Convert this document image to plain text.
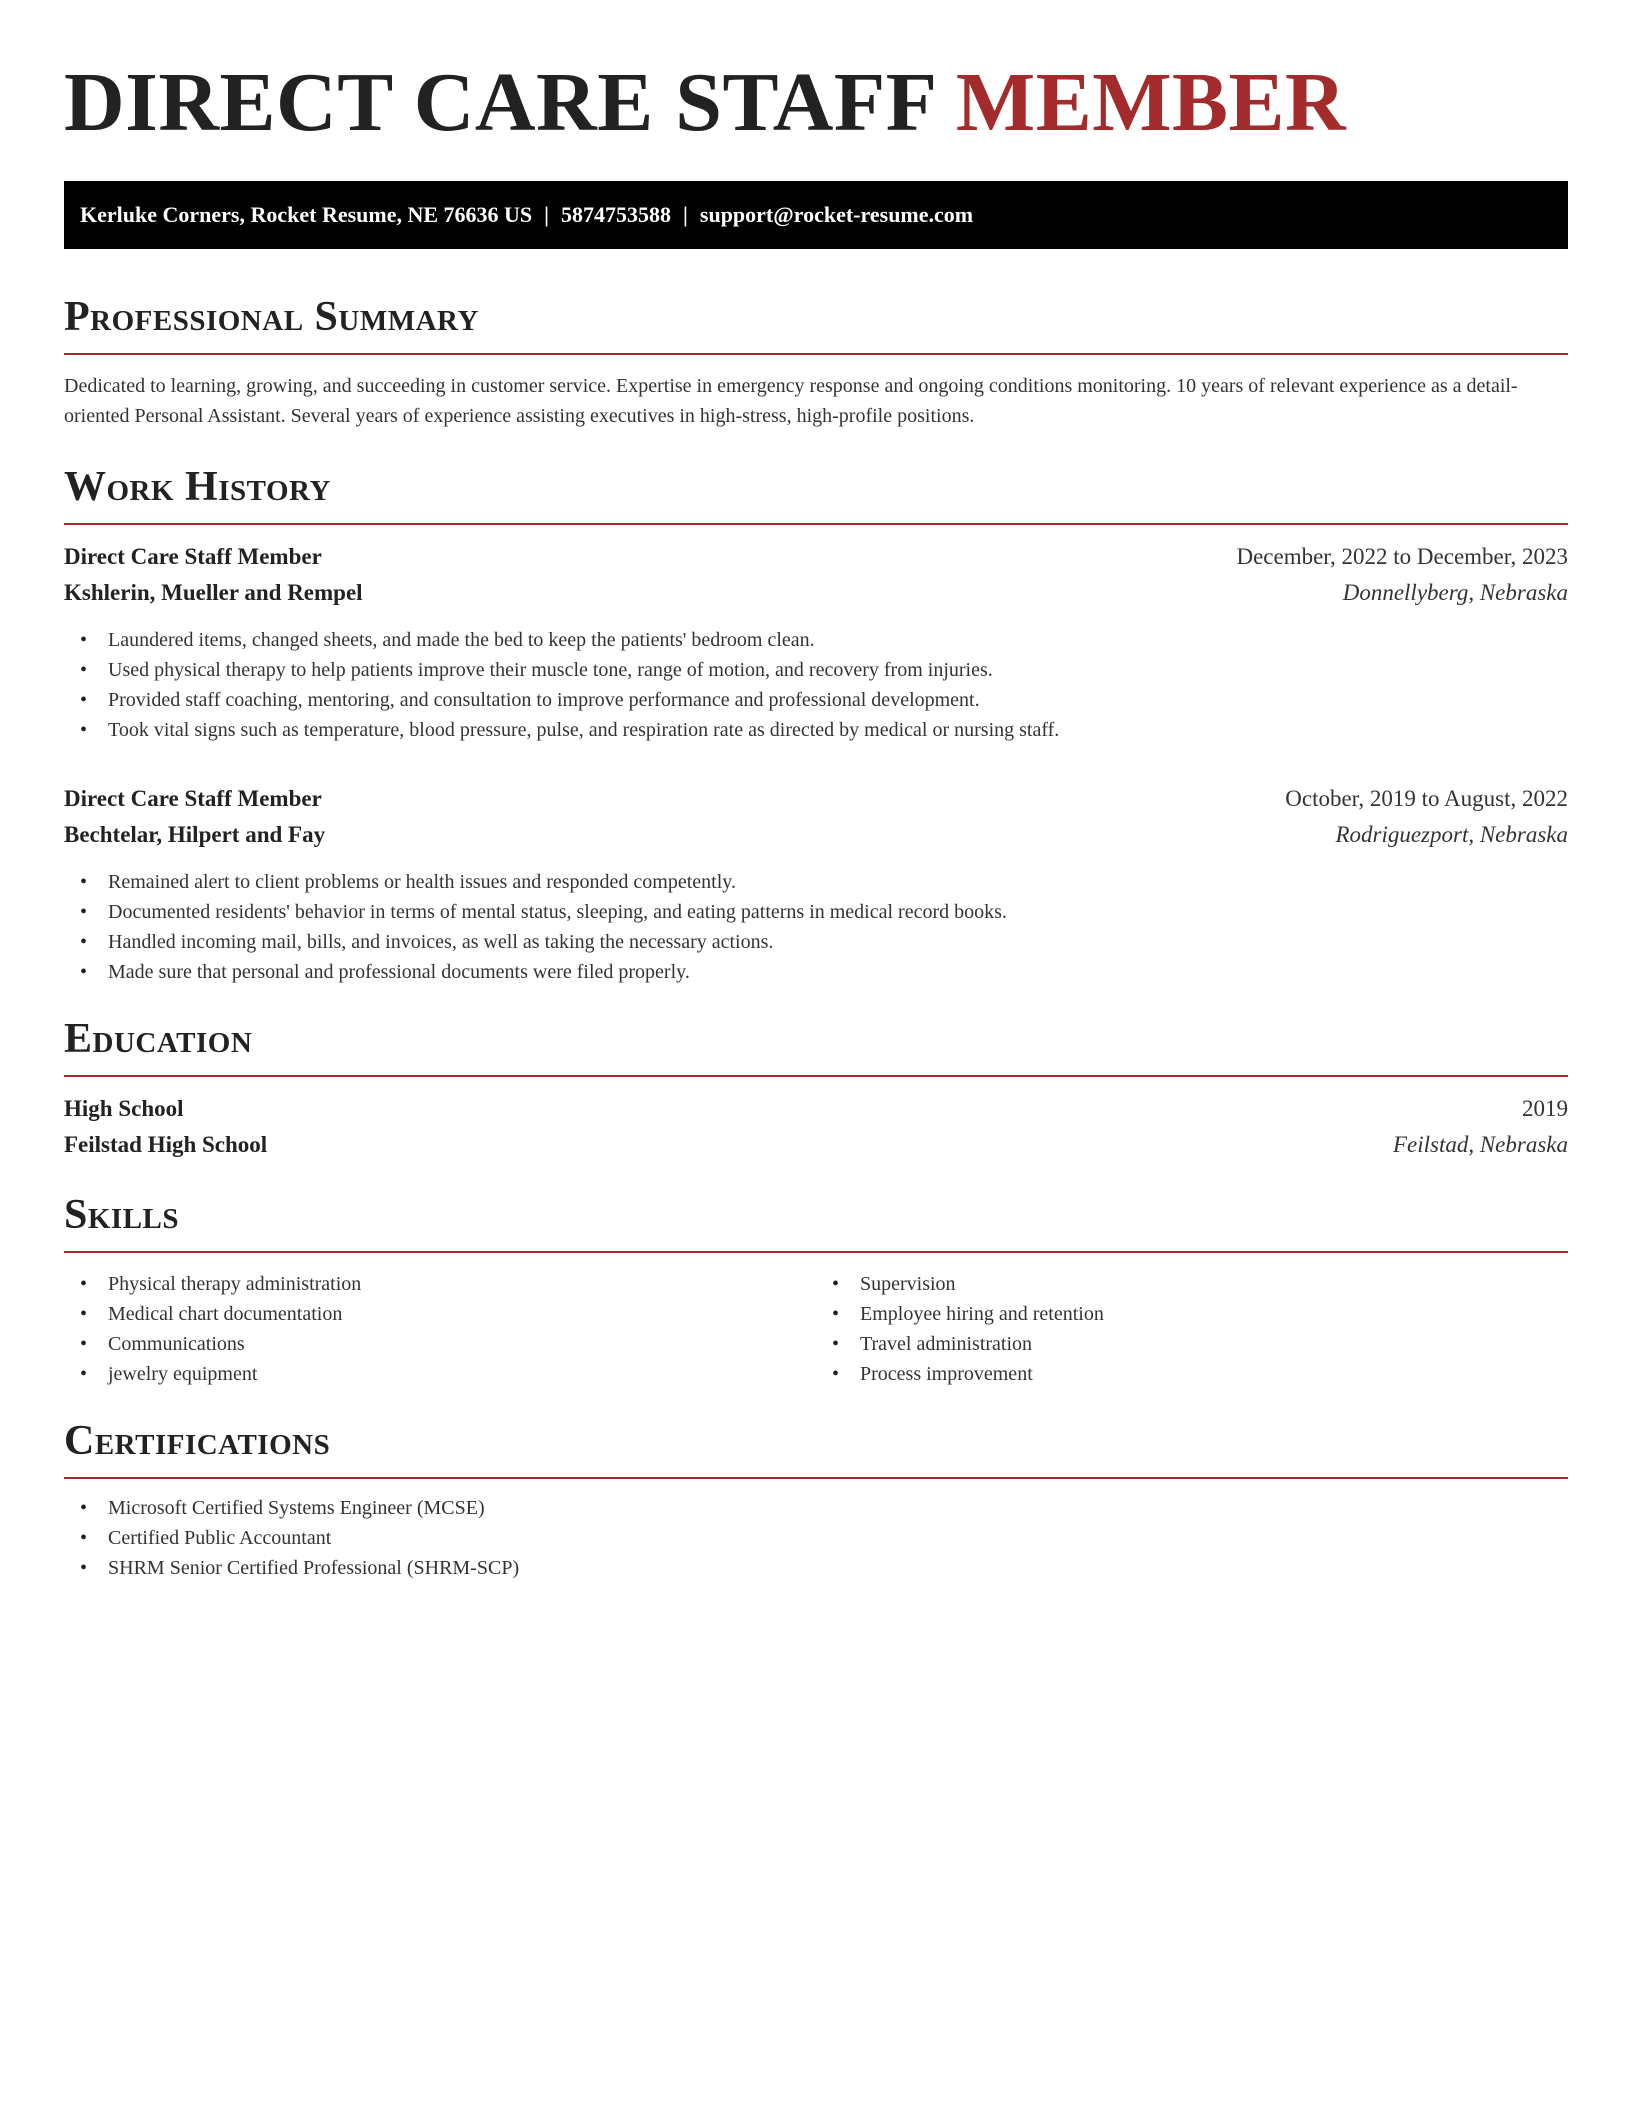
DIRECT CARE STAFF MEMBER
Kerluke Corners, Rocket Resume, NE 76636 US | 5874753588 | support@rocket-resume.com
Professional Summary
Dedicated to learning, growing, and succeeding in customer service. Expertise in emergency response and ongoing conditions monitoring. 10 years of relevant experience as a detail-oriented Personal Assistant. Several years of experience assisting executives in high-stress, high-profile positions.
Work History
Direct Care Staff Member	December, 2022 to December, 2023
Kshlerin, Mueller and Rempel	Donnellyberg, Nebraska
• Laundered items, changed sheets, and made the bed to keep the patients' bedroom clean.
• Used physical therapy to help patients improve their muscle tone, range of motion, and recovery from injuries.
• Provided staff coaching, mentoring, and consultation to improve performance and professional development.
• Took vital signs such as temperature, blood pressure, pulse, and respiration rate as directed by medical or nursing staff.
Direct Care Staff Member	October, 2019 to August, 2022
Bechtelar, Hilpert and Fay	Rodriguezport, Nebraska
• Remained alert to client problems or health issues and responded competently.
• Documented residents' behavior in terms of mental status, sleeping, and eating patterns in medical record books.
• Handled incoming mail, bills, and invoices, as well as taking the necessary actions.
• Made sure that personal and professional documents were filed properly.
Education
High School	2019
Feilstad High School	Feilstad, Nebraska
Skills
• Physical therapy administration
• Medical chart documentation
• Communications
• jewelry equipment
• Supervision
• Employee hiring and retention
• Travel administration
• Process improvement
Certifications
• Microsoft Certified Systems Engineer (MCSE)
• Certified Public Accountant
• SHRM Senior Certified Professional (SHRM-SCP)
